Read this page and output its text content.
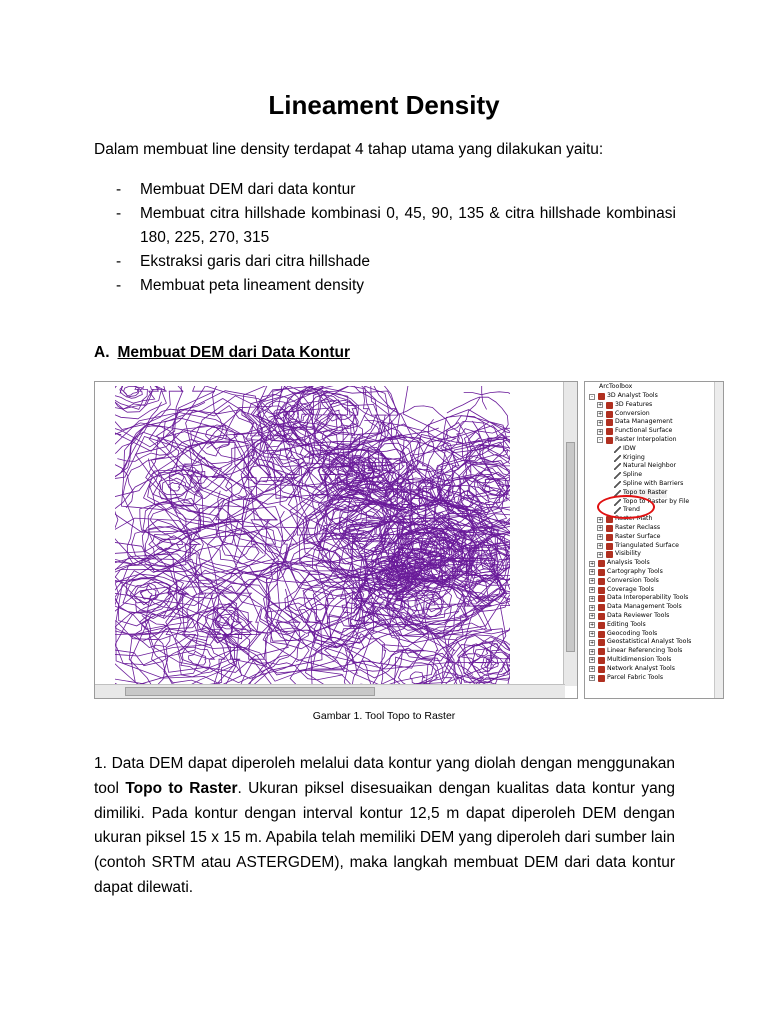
Lineament Density

Dalam membuat line density terdapat 4 tahap utama yang dilakukan yaitu:

- Membuat DEM dari data kontur
- Membuat citra hillshade kombinasi 0, 45, 90, 135 & citra hillshade kombinasi 180, 225, 270, 315
- Ekstraksi garis dari citra hillshade
- Membuat peta lineament density
A. Membuat DEM dari Data Kontur
ArcToolbox
-	3D Analyst Tools
+ 3D Features
+ Conversion
+ Data Management
+ Functional Surface
-	Raster Interpolation
IDW
Kriging
Natural Neighbor
Spline
Spline with Barriers
Topo to Raster
Topo to Raster by File
Trend
+ Raster Math
+ Raster Reclass
+ Raster Surface
+ Triangulated Surface
+ Visibility
+ Analysis Tools
+ Cartography Tools
+ Conversion Tools
+ Coverage Tools
+ Data Interoperability Tools
+ Data Management Tools
+ Data Reviewer Tools
+ Editing Tools
+ Geocoding Tools
+ Geostatistical Analyst Tools
+ Linear Referencing Tools
+ Multidimension Tools
+ Network Analyst Tools
+ Parcel Fabric Tools
Gambar 1. Tool Topo to Raster

1. Data DEM dapat diperoleh melalui data kontur yang diolah dengan menggunakan tool Topo to Raster. Ukuran piksel disesuaikan dengan kualitas data kontur yang dimiliki. Pada kontur dengan interval kontur 12,5 m dapat diperoleh DEM dengan ukuran piksel 15 x 15 m. Apabila telah memiliki DEM yang diperoleh dari sumber lain (contoh SRTM atau ASTERGDEM), maka langkah membuat DEM dari data kontur dapat dilewati.
